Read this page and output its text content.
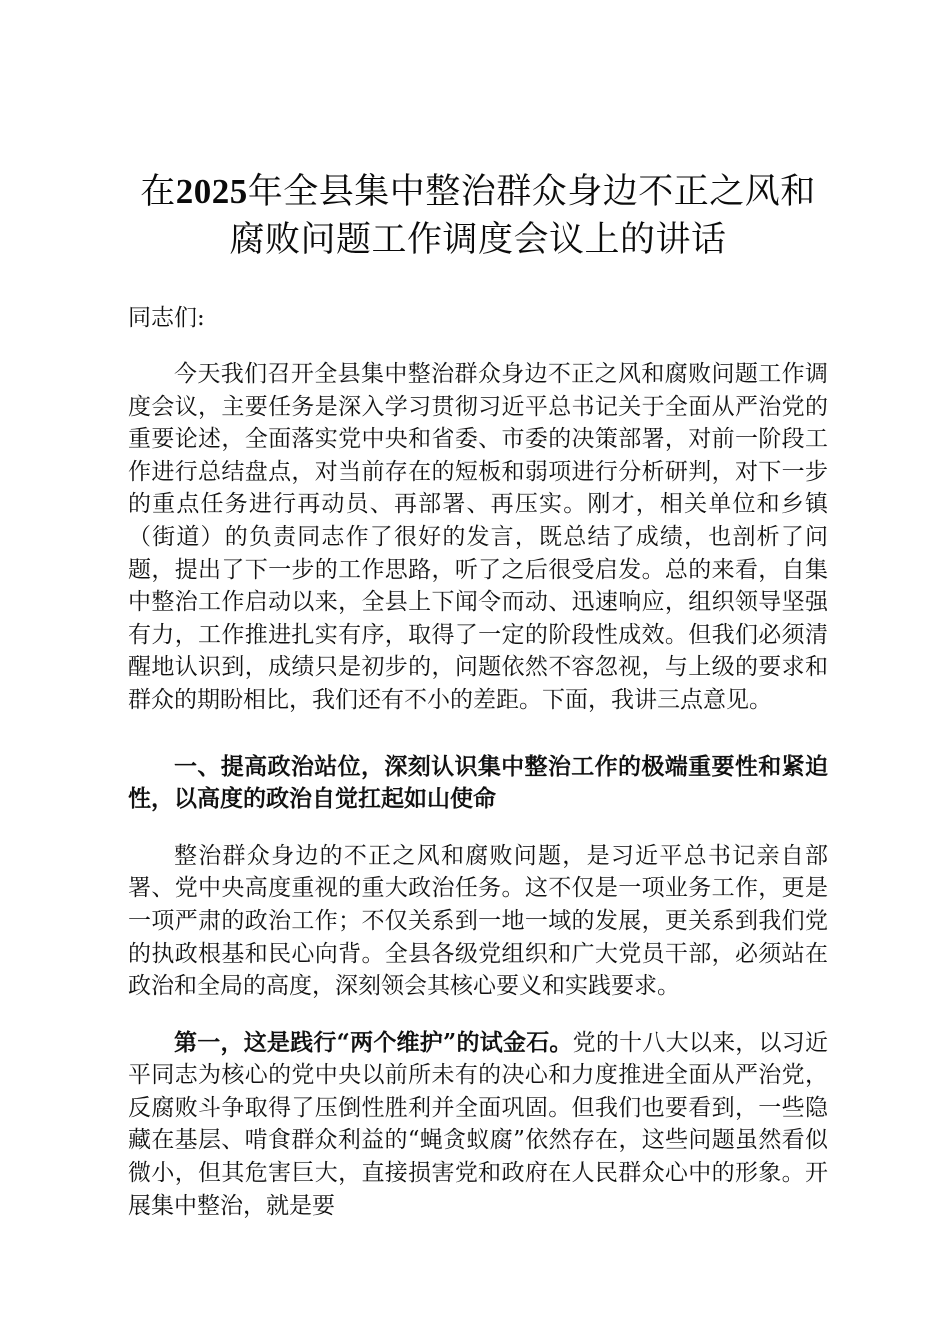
在2025年全县集中整治群众身边不正之风和
腐败问题工作调度会议上的讲话

同志们:

今天我们召开全县集中整治群众身边不正之风和腐败问题工作调度会议，主要任务是深入学习贯彻习近平总书记关于全面从严治党的重要论述，全面落实党中央和省委、市委的决策部署，对前一阶段工作进行总结盘点，对当前存在的短板和弱项进行分析研判，对下一步的重点任务进行再动员、再部署、再压实。刚才，相关单位和乡镇（街道）的负责同志作了很好的发言，既总结了成绩，也剖析了问题，提出了下一步的工作思路，听了之后很受启发。总的来看，自集中整治工作启动以来，全县上下闻令而动、迅速响应，组织领导坚强有力，工作推进扎实有序，取得了一定的阶段性成效。但我们必须清醒地认识到，成绩只是初步的，问题依然不容忽视，与上级的要求和群众的期盼相比，我们还有不小的差距。下面，我讲三点意见。

一、提高政治站位，深刻认识集中整治工作的极端重要性和紧迫性，以高度的政治自觉扛起如山使命

整治群众身边的不正之风和腐败问题，是习近平总书记亲自部署、党中央高度重视的重大政治任务。这不仅是一项业务工作，更是一项严肃的政治工作；不仅关系到一地一域的发展，更关系到我们党的执政根基和民心向背。全县各级党组织和广大党员干部，必须站在政治和全局的高度，深刻领会其核心要义和实践要求。

第一，这是践行“两个维护”的试金石。党的十八大以来，以习近平同志为核心的党中央以前所未有的决心和力度推进全面从严治党，反腐败斗争取得了压倒性胜利并全面巩固。但我们也要看到，一些隐藏在基层、啃食群众利益的“蝇贪蚁腐”依然存在，这些问题虽然看似微小，但其危害巨大，直接损害党和政府在人民群众心中的形象。开展集中整治，就是要
